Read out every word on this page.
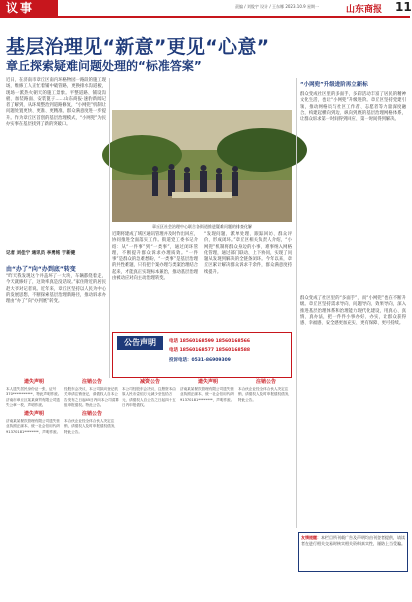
议事	责编 / 刘俊宇 设计 / 王东娜 2023.10.9 星期一	山东商报 11
基层治理见“新意”更见“心意”
章丘探索疑难问题处理的“标准答案”
近日，在济南市章丘区南内环格物园一路段的施工现场，维修工人正忙着铺中破管路，更换排水沟道板，现场一派热火朝天的施工景象。平整道路、铺设沟板、加装路面、安装篦子……山东商报·速豹新闻记者了解到，从环境整治到道路修复，“小网兜”机制让问题处置更快、更准、更精准，群众满意度进一步提升。作为章丘区首创的基层治理模式，“小网兜”为民办实事在基层找到了新的突破口。
记者 刘佳宁 通讯员 李勇铭 于新健
由“办了”向“办到底”转变
“昨天我发现这个井盖坏了一大块，车辆都绕着走，今天就修好了，这效率真是没话说。”家住附近的居民赵大爷对记者说。近年来，章丘区坚持以人民为中心的发展思想，不断探索基层治理新路径，推动诉求办理由“办了”向“办到底”转变。
章丘区社会治理中心联合各街道推进疑难问题的排查化解
近期将建成了域区通讯管理并及时作出回应，协同推进全面落实工作。街道党工委书记介绍：从“一件事”到“一类事”，通过闭环管理，不断提升群众诉求办理质效。“一件事”是群众的急难愁盼，“一类事”是基层治理的共性难题，只有把个案办理与类案治理结合起来，才能真正实现标本兼治，推动基层治理由被动应对向主动治理转变。
“发现问题、派单处理、跟踪回访、群众评价，形成闭环。”章丘区相关负责人介绍，“小网兜”机制将群众身边的小事、难事纳入网格化管理，通过部门联动、上下协同，实现了问题从发现到解决的全链条闭环。今年以来，章丘区累计解决群众诉求千余件，群众满意度持续提升。
“小网兜”升级进阶再立新标
群众变成社区里的多面手，多彩活动丰富了居民的精神文化生活，也让“小网兜”升级进阶。章丘区坚持党建引领，推动网格员与社区工作者、志愿者等力量深度融合，构建起横向到边、纵向到底的基层治理网格体系，让群众诉求第一时间得到回应、第一时间得到解决。
群众变成了社区里的“多面手”，而“小网兜”也在不断升级。章丘区坚持需求导向、问题导向、效果导向，深入推进基层治理体系和治理能力现代化建设，用真心、真情、真办法，把一件件小事办好、办实，让群众获得感、幸福感、安全感更加充实、更有保障、更可持续。
公告声明	电话 18560168599 18560168566
电话 18560168577 18560168588
投诉电话：0531-86909309
遗失声明
本人遗失居民身份证一张，证号370***********，特此声明作废。济南市章丘区某某商贸有限公司遗失公章一枚，声明作废。
遗失声明
济南某某餐饮管理有限公司遗失营业执照正副本，统一社会信用代码91370181********，声明作废。
注销公告
经股东会决议，本公司拟向登记机关申请注销登记，请债权人自本公告发布之日起45日内向本公司清算组申报债权。特此公告。
注销公告
本合伙企业经全体合伙人决定注销，请债权人及时申报债权债务，特此公告。
减资公告
本公司经股东会决议，注册资本由原人民币壹佰万元减少至伍拾万元，请债权人自公告之日起四十五日内申报债权。
遗失声明
济南某某餐饮管理有限公司遗失营业执照正副本，统一社会信用代码91370181********，声明作废。
注销公告
本合伙企业经全体合伙人决定注销，请债权人及时申报债权债务，特此公告。
友情提醒：本栏目所刊载广告及声明均由刊登者提供，请读者在进行相关交易时核实相关资料真实性，谨防上当受骗。
